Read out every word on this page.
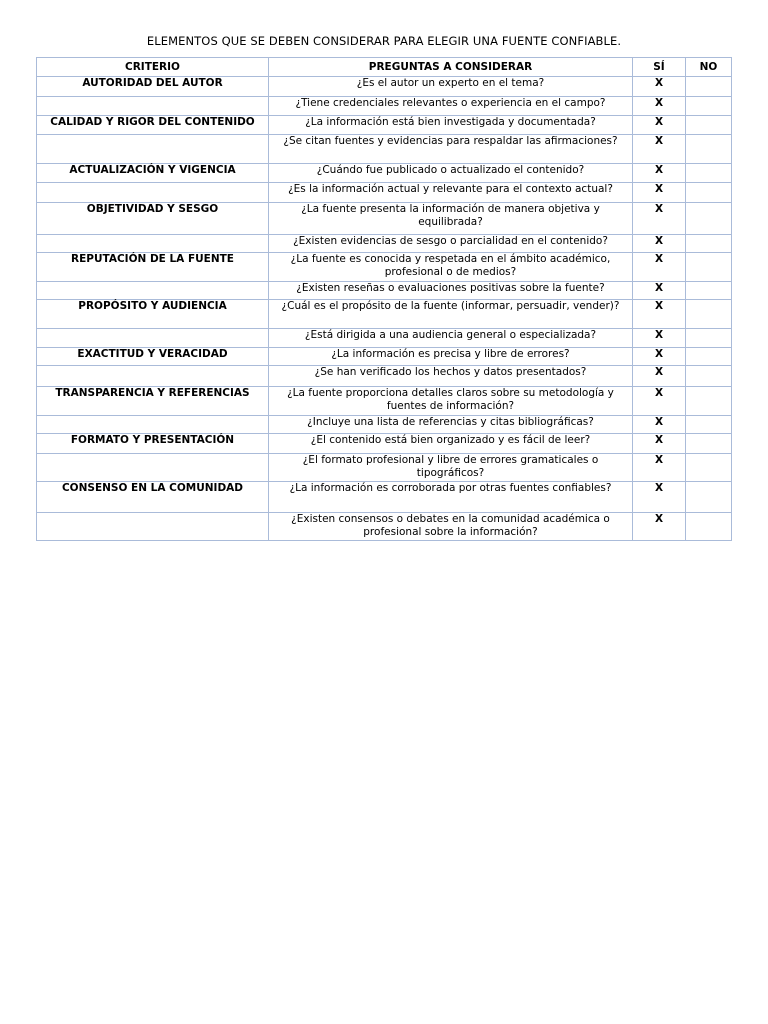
ELEMENTOS QUE SE DEBEN CONSIDERAR PARA ELEGIR UNA FUENTE CONFIABLE.
CRITERIO	PREGUNTAS A CONSIDERAR	SÍ	NO
AUTORIDAD DEL AUTOR	¿Es el autor un experto en el tema?	X	
	¿Tiene credenciales relevantes o experiencia en el campo?	X	
CALIDAD Y RIGOR DEL CONTENIDO	¿La información está bien investigada y documentada?	X	
	¿Se citan fuentes y evidencias para respaldar las afirmaciones?	X	
ACTUALIZACIÓN Y VIGENCIA	¿Cuándo fue publicado o actualizado el contenido?	X	
	¿Es la información actual y relevante para el contexto actual?	X	
OBJETIVIDAD Y SESGO	¿La fuente presenta la información de manera objetiva y equilibrada?	X	
	¿Existen evidencias de sesgo o parcialidad en el contenido?	X	
REPUTACIÓN DE LA FUENTE	¿La fuente es conocida y respetada en el ámbito académico, profesional o de medios?	X	
	¿Existen reseñas o evaluaciones positivas sobre la fuente?	X	
PROPÓSITO Y AUDIENCIA	¿Cuál es el propósito de la fuente (informar, persuadir, vender)?	X	
	¿Está dirigida a una audiencia general o especializada?	X	
EXACTITUD Y VERACIDAD	¿La información es precisa y libre de errores?	X	
	¿Se han verificado los hechos y datos presentados?	X	
TRANSPARENCIA Y REFERENCIAS	¿La fuente proporciona detalles claros sobre su metodología y fuentes de información?	X	
	¿Incluye una lista de referencias y citas bibliográficas?	X	
FORMATO Y PRESENTACIÓN	¿El contenido está bien organizado y es fácil de leer?	X	
	¿El formato profesional y libre de errores gramaticales o tipográficos?	X	
CONSENSO EN LA COMUNIDAD	¿La información es corroborada por otras fuentes confiables?	X	
	¿Existen consensos o debates en la comunidad académica o profesional sobre la información?	X	
